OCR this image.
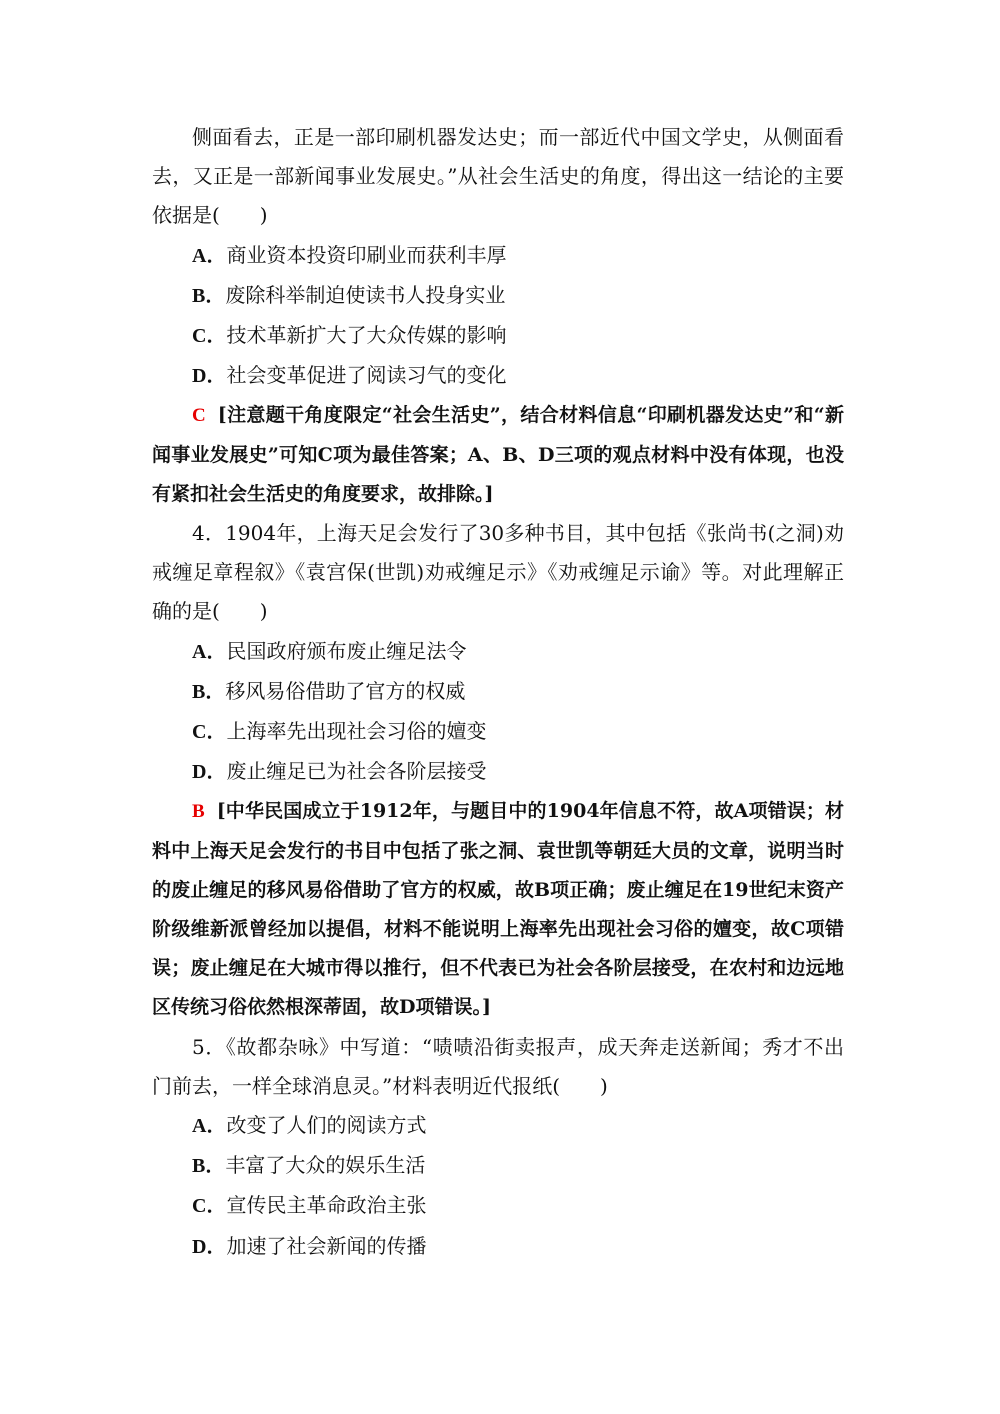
侧面看去，正是一部印刷机器发达史；而一部近代中国文学史，从侧面看去，又正是一部新闻事业发展史。”从社会生活史的角度，得出这一结论的主要依据是(　　)

A．商业资本投资印刷业而获利丰厚

B．废除科举制迫使读书人投身实业

C．技术革新扩大了大众传媒的影响

D．社会变革促进了阅读习气的变化

C [注意题干角度限定“社会生活史”，结合材料信息“印刷机器发达史”和“新闻事业发展史”可知C项为最佳答案；A、B、D三项的观点材料中没有体现，也没有紧扣社会生活史的角度要求，故排除。]

4．1904年，上海天足会发行了30多种书目，其中包括《张尚书(之洞)劝戒缠足章程叙》《袁宫保(世凯)劝戒缠足示》《劝戒缠足示谕》等。对此理解正确的是(　　)

A．民国政府颁布废止缠足法令

B．移风易俗借助了官方的权威

C．上海率先出现社会习俗的嬗变

D．废止缠足已为社会各阶层接受

B [中华民国成立于1912年，与题目中的1904年信息不符，故A项错误；材料中上海天足会发行的书目中包括了张之洞、袁世凯等朝廷大员的文章，说明当时的废止缠足的移风易俗借助了官方的权威，故B项正确；废止缠足在19世纪末资产阶级维新派曾经加以提倡，材料不能说明上海率先出现社会习俗的嬗变，故C项错误；废止缠足在大城市得以推行，但不代表已为社会各阶层接受，在农村和边远地区传统习俗依然根深蒂固，故D项错误。]

5．《故都杂咏》中写道：“啧啧沿街卖报声，成天奔走送新闻；秀才不出门前去，一样全球消息灵。”材料表明近代报纸(　　)

A．改变了人们的阅读方式

B．丰富了大众的娱乐生活

C．宣传民主革命政治主张

D．加速了社会新闻的传播
